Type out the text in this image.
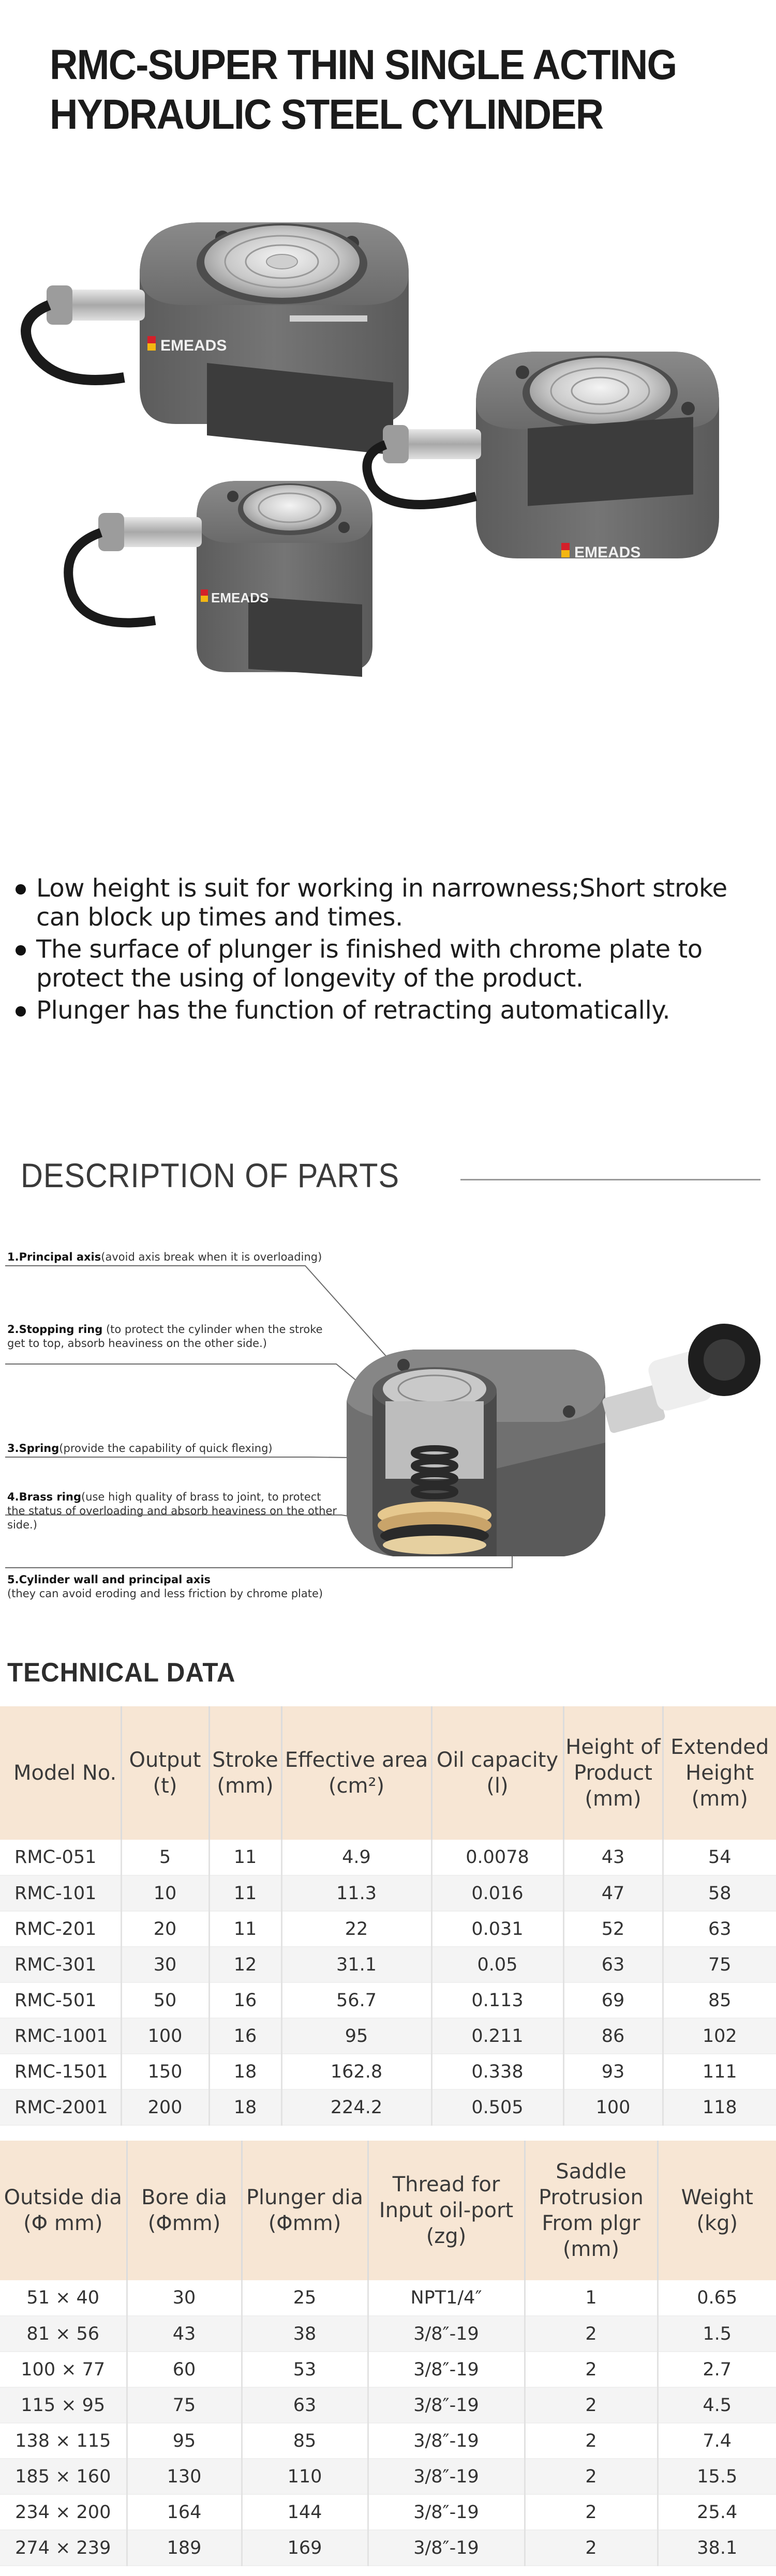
RMC-SUPER THIN SINGLE ACTING
HYDRAULIC STEEL CYLINDER
EMEADS
EMEADS
EMEADS
Low height is suit for working in narrowness;Short stroke can block up times and times.
The surface of plunger is finished with chrome plate to protect the using of longevity of the product.
Plunger has the function of retracting automatically.
DESCRIPTION OF PARTS
1.Principal axis(avoid axis break when it is overloading)
2.Stopping ring (to protect the cylinder when the stroke get to top, absorb heaviness on the other side.)
3.Spring(provide the capability of quick flexing)
4.Brass ring(use high quality of brass to joint, to protect the status of overloading and absorb heaviness on the other side.)
5.Cylinder wall and principal axis
(they can avoid eroding and less friction by chrome plate)
TECHNICAL DATA
Model No.	Output (t)	Stroke (mm)	Effective area (cm²)	Oil capacity (l)	Height of Product (mm)	Extended Height (mm)
RMC-051	5	11	4.9	0.0078	43	54
RMC-101	10	11	11.3	0.016	47	58
RMC-201	20	11	22	0.031	52	63
RMC-301	30	12	31.1	0.05	63	75
RMC-501	50	16	56.7	0.113	69	85
RMC-1001	100	16	95	0.211	86	102
RMC-1501	150	18	162.8	0.338	93	111
RMC-2001	200	18	224.2	0.505	100	118
Outside dia (Φ mm)	Bore dia (Φmm)	Plunger dia (Φmm)	Thread for Input oil-port (zg)	Saddle Protrusion From plgr (mm)	Weight (kg)
51 × 40	30	25	NPT1/4″	1	0.65
81 × 56	43	38	3/8″-19	2	1.5
100 × 77	60	53	3/8″-19	2	2.7
115 × 95	75	63	3/8″-19	2	4.5
138 × 115	95	85	3/8″-19	2	7.4
185 × 160	130	110	3/8″-19	2	15.5
234 × 200	164	144	3/8″-19	2	25.4
274 × 239	189	169	3/8″-19	2	38.1
